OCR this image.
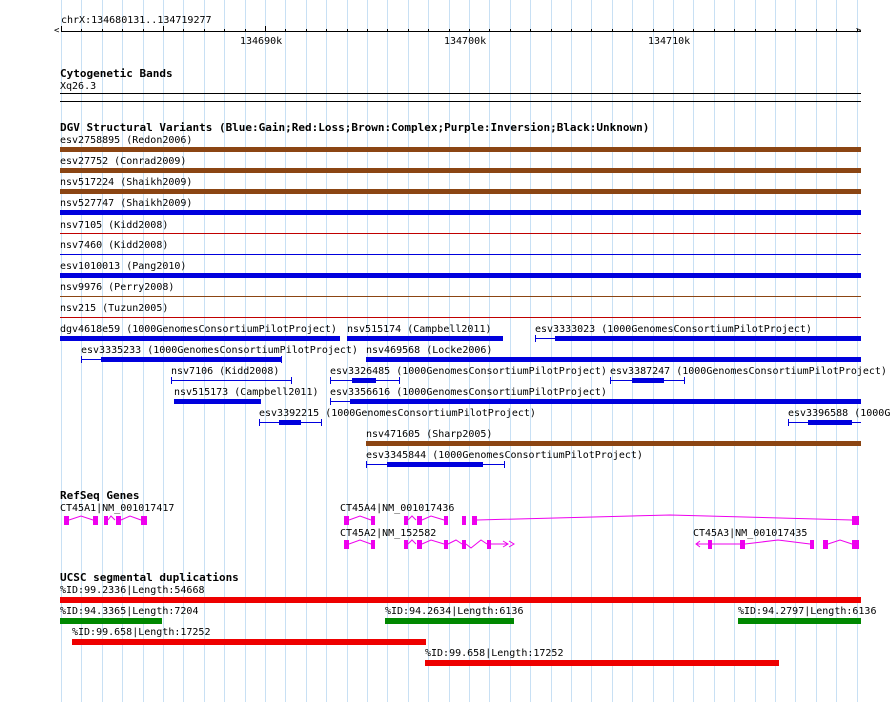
chrX:134680131..134719277
<	>
134690k	134700k	134710k
Cytogenetic Bands
Xq26.3
DGV Structural Variants (Blue:Gain;Red:Loss;Brown:Complex;Purple:Inversion;Black:Unknown)
esv2758895 (Redon2006)
esv27752 (Conrad2009)
nsv517224 (Shaikh2009)
nsv527747 (Shaikh2009)
nsv7105 (Kidd2008)
nsv7460 (Kidd2008)
esv1010013 (Pang2010)
nsv9976 (Perry2008)
nsv215 (Tuzun2005)
dgv4618e59 (1000GenomesConsortiumPilotProject) nsv515174 (Campbell2011)	esv3333023 (1000GenomesConsortiumPilotProject)
esv3335233 (1000GenomesConsortiumPilotProject) nsv469568 (Locke2006)
nsv7106 (Kidd2008)	esv3326485 (1000GenomesConsortiumPilotProject) esv3387247 (1000GenomesConsortiumPilotProject)
nsv515173 (Campbell2011) esv3356616 (1000GenomesConsortiumPilotProject)
esv3392215 (1000GenomesConsortiumPilotProject)	esv3396588 (1000G
nsv471605 (Sharp2005)
esv3345844 (1000GenomesConsortiumPilotProject)
RefSeq Genes
CT45A1|NM_001017417	CT45A4|NM_001017436
CT45A2|NM_152582	CT45A3|NM_001017435
UCSC segmental duplications
%ID:99.2336|Length:54668
%ID:94.3365|Length:7204	%ID:94.2634|Length:6136	%ID:94.2797|Length:6136
%ID:99.658|Length:17252
%ID:99.658|Length:17252
